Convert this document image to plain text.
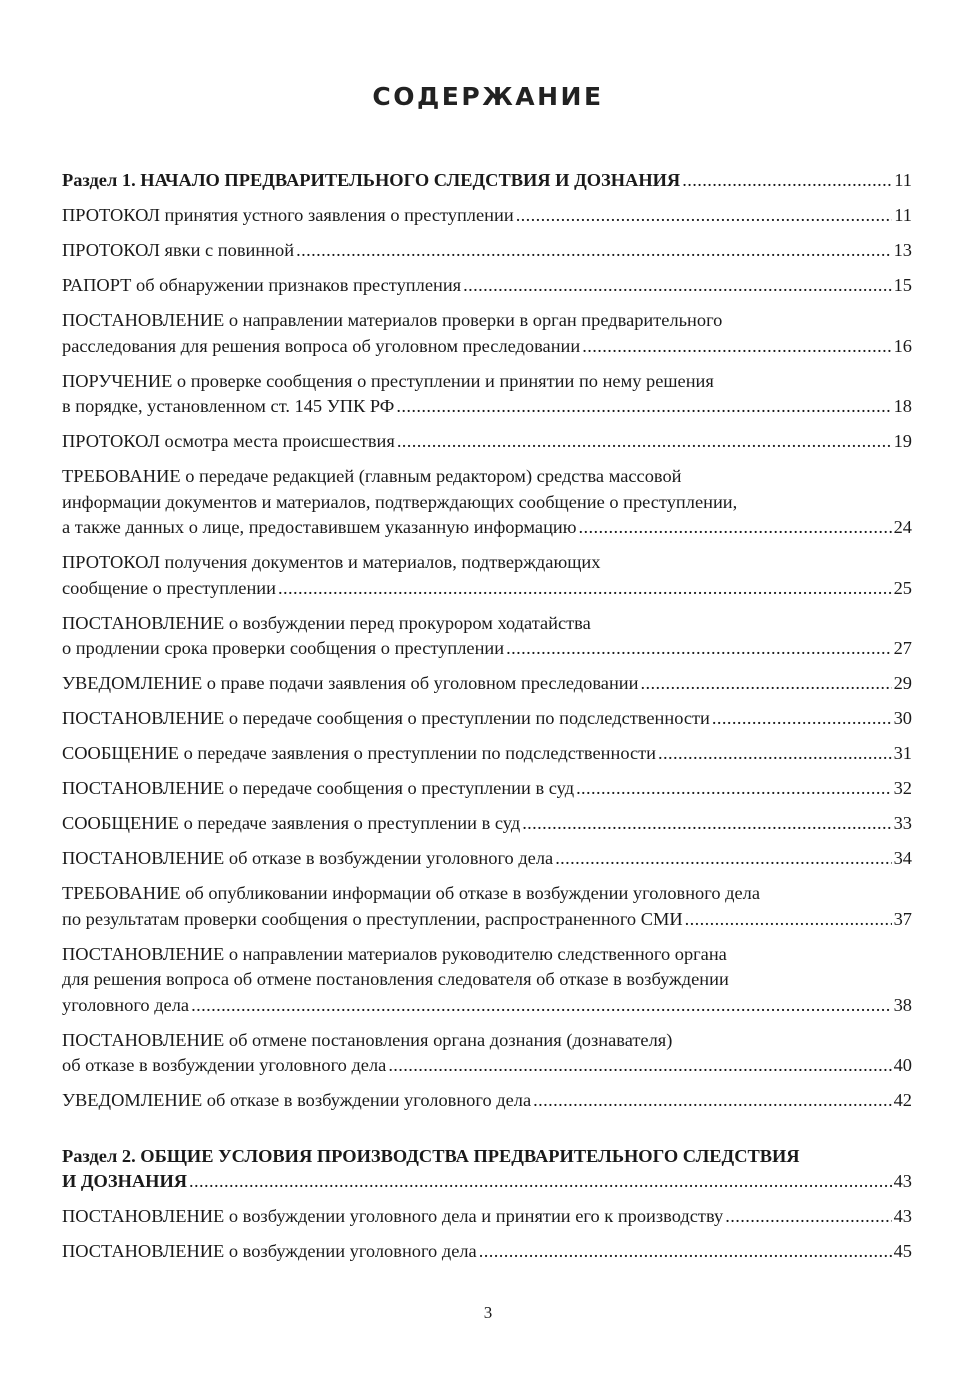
СОДЕРЖАНИЕ
Раздел 1. НАЧАЛО ПРЕДВАРИТЕЛЬНОГО СЛЕДСТВИЯ И ДОЗНАНИЯ .....	11
ПРОТОКОЛ принятия устного заявления о преступлении .....	11
ПРОТОКОЛ явки с повинной .....	13
РАПОРТ об обнаружении признаков преступления .....	15
ПОСТАНОВЛЕНИЕ о направлении материалов проверки в орган предварительного
расследования для решения вопроса об уголовном преследовании .....	16
ПОРУЧЕНИЕ о проверке сообщения о преступлении и принятии по нему решения
в порядке, установленном ст. 145 УПК РФ .....	18
ПРОТОКОЛ осмотра места происшествия .....	19
ТРЕБОВАНИЕ о передаче редакцией (главным редактором) средства массовой
информации документов и материалов, подтверждающих сообщение о преступлении,
а также данных о лице, предоставившем указанную информацию .....	24
ПРОТОКОЛ получения документов и материалов, подтверждающих
сообщение о преступлении .....	25
ПОСТАНОВЛЕНИЕ о возбуждении перед прокурором ходатайства
о продлении срока проверки сообщения о преступлении .....	27
УВЕДОМЛЕНИЕ о праве подачи заявления об уголовном преследовании .....	29
ПОСТАНОВЛЕНИЕ о передаче сообщения о преступлении по подследственности .....	30
СООБЩЕНИЕ о передаче заявления о преступлении по подследственности .....	31
ПОСТАНОВЛЕНИЕ о передаче сообщения о преступлении в суд .....	32
СООБЩЕНИЕ о передаче заявления о преступлении в суд .....	33
ПОСТАНОВЛЕНИЕ об отказе в возбуждении уголовного дела .....	34
ТРЕБОВАНИЕ об опубликовании информации об отказе в возбуждении уголовного дела
по результатам проверки сообщения о преступлении, распространенного СМИ .....	37
ПОСТАНОВЛЕНИЕ о направлении материалов руководителю следственного органа
для решения вопроса об отмене постановления следователя об отказе в возбуждении
уголовного дела .....	38
ПОСТАНОВЛЕНИЕ об отмене постановления органа дознания (дознавателя)
об отказе в возбуждении уголовного дела .....	40
УВЕДОМЛЕНИЕ об отказе в возбуждении уголовного дела .....	42
Раздел 2. ОБЩИЕ УСЛОВИЯ ПРОИЗВОДСТВА ПРЕДВАРИТЕЛЬНОГО СЛЕДСТВИЯ
И ДОЗНАНИЯ .....	43
ПОСТАНОВЛЕНИЕ о возбуждении уголовного дела и принятии его к производству .....	43
ПОСТАНОВЛЕНИЕ о возбуждении уголовного дела .....	45
3
